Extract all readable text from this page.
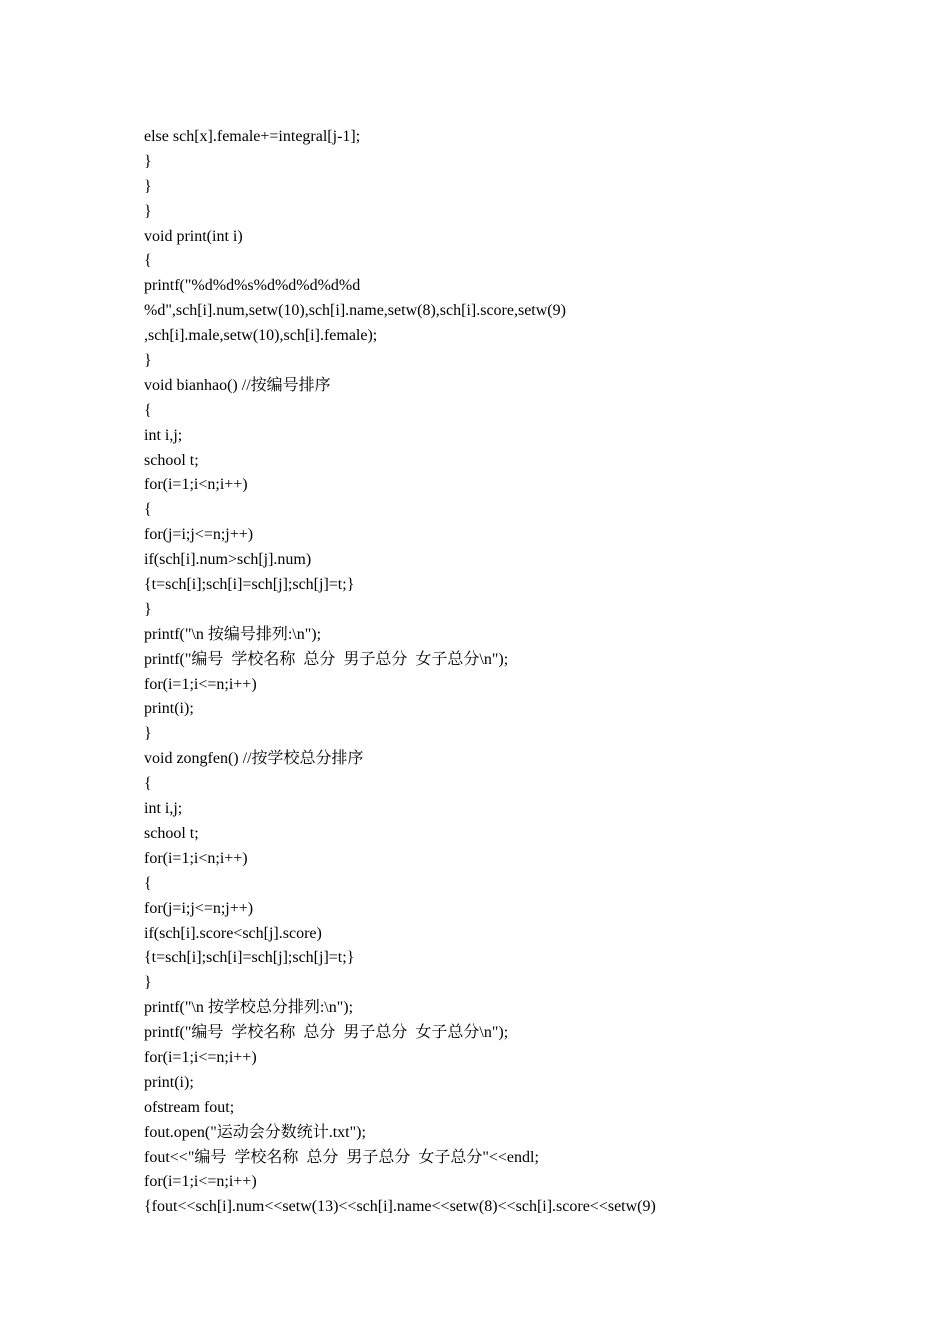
else sch[x].female+=integral[j-1];
}
}
}
void print(int i)
{
printf("%d%d%s%d%d%d%d%d
%d",sch[i].num,setw(10),sch[i].name,setw(8),sch[i].score,setw(9)
,sch[i].male,setw(10),sch[i].female);
}
void bianhao() //按编号排序
{
int i,j;
school t;
for(i=1;i<n;i++)
{
for(j=i;j<=n;j++)
if(sch[i].num>sch[j].num)
{t=sch[i];sch[i]=sch[j];sch[j]=t;}
}
printf("\n 按编号排列:\n");
printf("编号  学校名称  总分  男子总分  女子总分\n");
for(i=1;i<=n;i++)
print(i);
}
void zongfen() //按学校总分排序
{
int i,j;
school t;
for(i=1;i<n;i++)
{
for(j=i;j<=n;j++)
if(sch[i].score<sch[j].score)
{t=sch[i];sch[i]=sch[j];sch[j]=t;}
}
printf("\n 按学校总分排列:\n");
printf("编号  学校名称  总分  男子总分  女子总分\n");
for(i=1;i<=n;i++)
print(i);
ofstream fout;
fout.open("运动会分数统计.txt");
fout<<"编号  学校名称  总分  男子总分  女子总分"<<endl;
for(i=1;i<=n;i++)
{fout<<sch[i].num<<setw(13)<<sch[i].name<<setw(8)<<sch[i].score<<setw(9)
